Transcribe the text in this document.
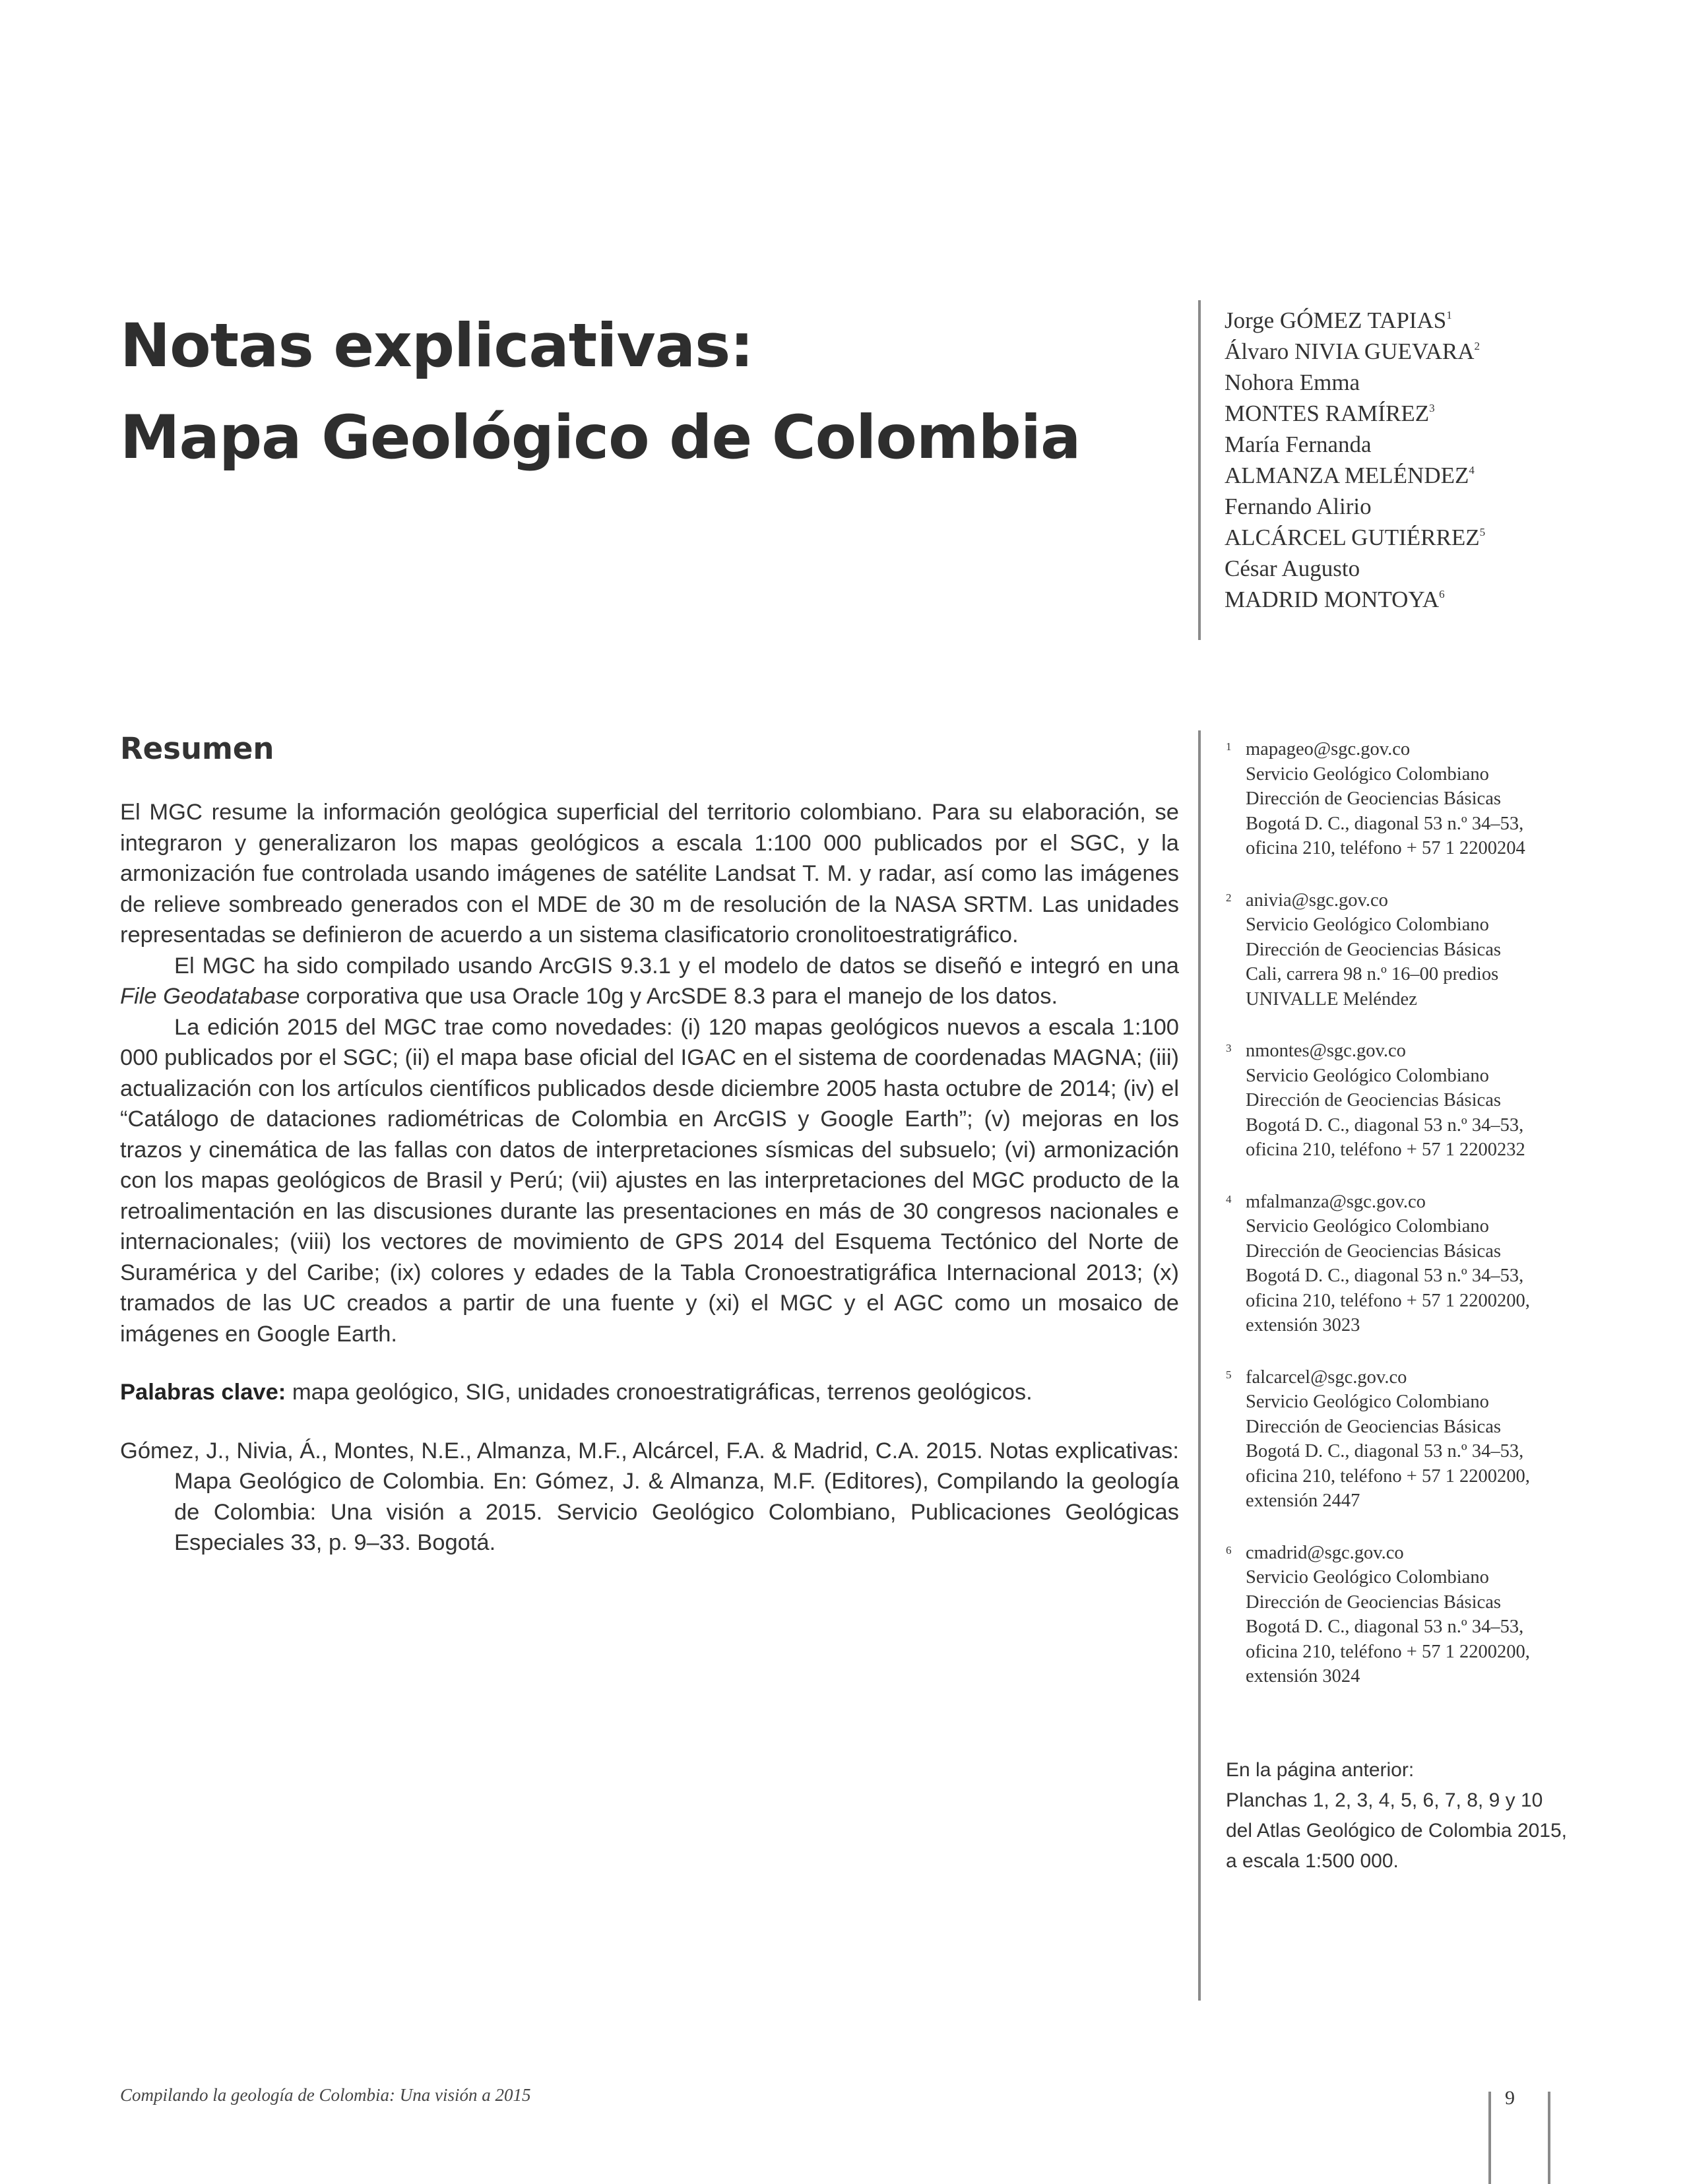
Notas explicativas:
Mapa Geológico de Colombia
Jorge GÓMEZ TAPIAS$^1$
Álvaro NIVIA GUEVARA$^2$
Nohora Emma
MONTES RAMÍREZ$^3$
María Fernanda
ALMANZA MELÉNDEZ$^4$
Fernando Alirio
ALCÁRCEL GUTIÉRREZ$^5$
César Augusto
MADRID MONTOYA$^6$
Resumen

El MGC resume la información geológica superficial del territorio colombiano. Para su elaboración, se integraron y generalizaron los mapas geológicos a escala 1:100 000 publicados por el SGC, y la armonización fue controlada usando imágenes de satélite Landsat T. M. y radar, así como las imágenes de relieve sombreado generados con el MDE de 30 m de resolución de la NASA SRTM. Las unidades representadas se definieron de acuerdo a un sistema clasificatorio cronolitoestratigráfico.

El MGC ha sido compilado usando ArcGIS 9.3.1 y el modelo de datos se diseñó e integró en una File Geodatabase corporativa que usa Oracle 10g y ArcSDE 8.3 para el manejo de los datos.

La edición 2015 del MGC trae como novedades: (i) 120 mapas geológicos nuevos a escala 1:100 000 publicados por el SGC; (ii) el mapa base oficial del IGAC en el sistema de coordenadas MAGNA; (iii) actualización con los artículos científicos publicados desde diciembre 2005 hasta octubre de 2014; (iv) el “Catálogo de dataciones radiométricas de Colombia en ArcGIS y Google Earth”; (v) mejoras en los trazos y cinemática de las fallas con datos de interpretaciones sísmicas del subsuelo; (vi) armonización con los mapas geológicos de Brasil y Perú; (vii) ajustes en las interpretaciones del MGC producto de la retroalimentación en las discusiones durante las presentaciones en más de 30 congresos nacionales e internacionales; (viii) los vectores de movimiento de GPS 2014 del Esquema Tectónico del Norte de Suramérica y del Caribe; (ix) colores y edades de la Tabla Cronoestratigráfica Internacional 2013; (x) tramados de las UC creados a partir de una fuente y (xi) el MGC y el AGC como un mosaico de imágenes en Google Earth.

Palabras clave: mapa geológico, SIG, unidades cronoestratigráficas, terrenos geológicos.

Gómez, J., Nivia, Á., Montes, N.E., Almanza, M.F., Alcárcel, F.A. & Madrid, C.A. 2015. Notas explicativas: Mapa Geológico de Colombia. En: Gómez, J. & Almanza, M.F. (Editores), Compilando la geología de Colombia: Una visión a 2015. Servicio Geológico Colombiano, Publicaciones Geológicas Especiales 33, p. 9–33. Bogotá.

1 mapageo@sgc.gov.co
Servicio Geológico Colombiano
Dirección de Geociencias Básicas
Bogotá D. C., diagonal 53 n.º 34–53,
oficina 210, teléfono + 57 1 2200204
2 anivia@sgc.gov.co
Servicio Geológico Colombiano
Dirección de Geociencias Básicas
Cali, carrera 98 n.º 16–00 predios
UNIVALLE Meléndez
3 nmontes@sgc.gov.co
Servicio Geológico Colombiano
Dirección de Geociencias Básicas
Bogotá D. C., diagonal 53 n.º 34–53,
oficina 210, teléfono + 57 1 2200232
4 mfalmanza@sgc.gov.co
Servicio Geológico Colombiano
Dirección de Geociencias Básicas
Bogotá D. C., diagonal 53 n.º 34–53,
oficina 210, teléfono + 57 1 2200200,
extensión 3023
5 falcarcel@sgc.gov.co
Servicio Geológico Colombiano
Dirección de Geociencias Básicas
Bogotá D. C., diagonal 53 n.º 34–53,
oficina 210, teléfono + 57 1 2200200,
extensión 2447
6 cmadrid@sgc.gov.co
Servicio Geológico Colombiano
Dirección de Geociencias Básicas
Bogotá D. C., diagonal 53 n.º 34–53,
oficina 210, teléfono + 57 1 2200200,
extensión 3024
En la página anterior:
Planchas 1, 2, 3, 4, 5, 6, 7, 8, 9 y 10 del Atlas Geológico de Colombia 2015, a escala 1:500 000.
Compilando la geología de Colombia: Una visión a 2015	9
